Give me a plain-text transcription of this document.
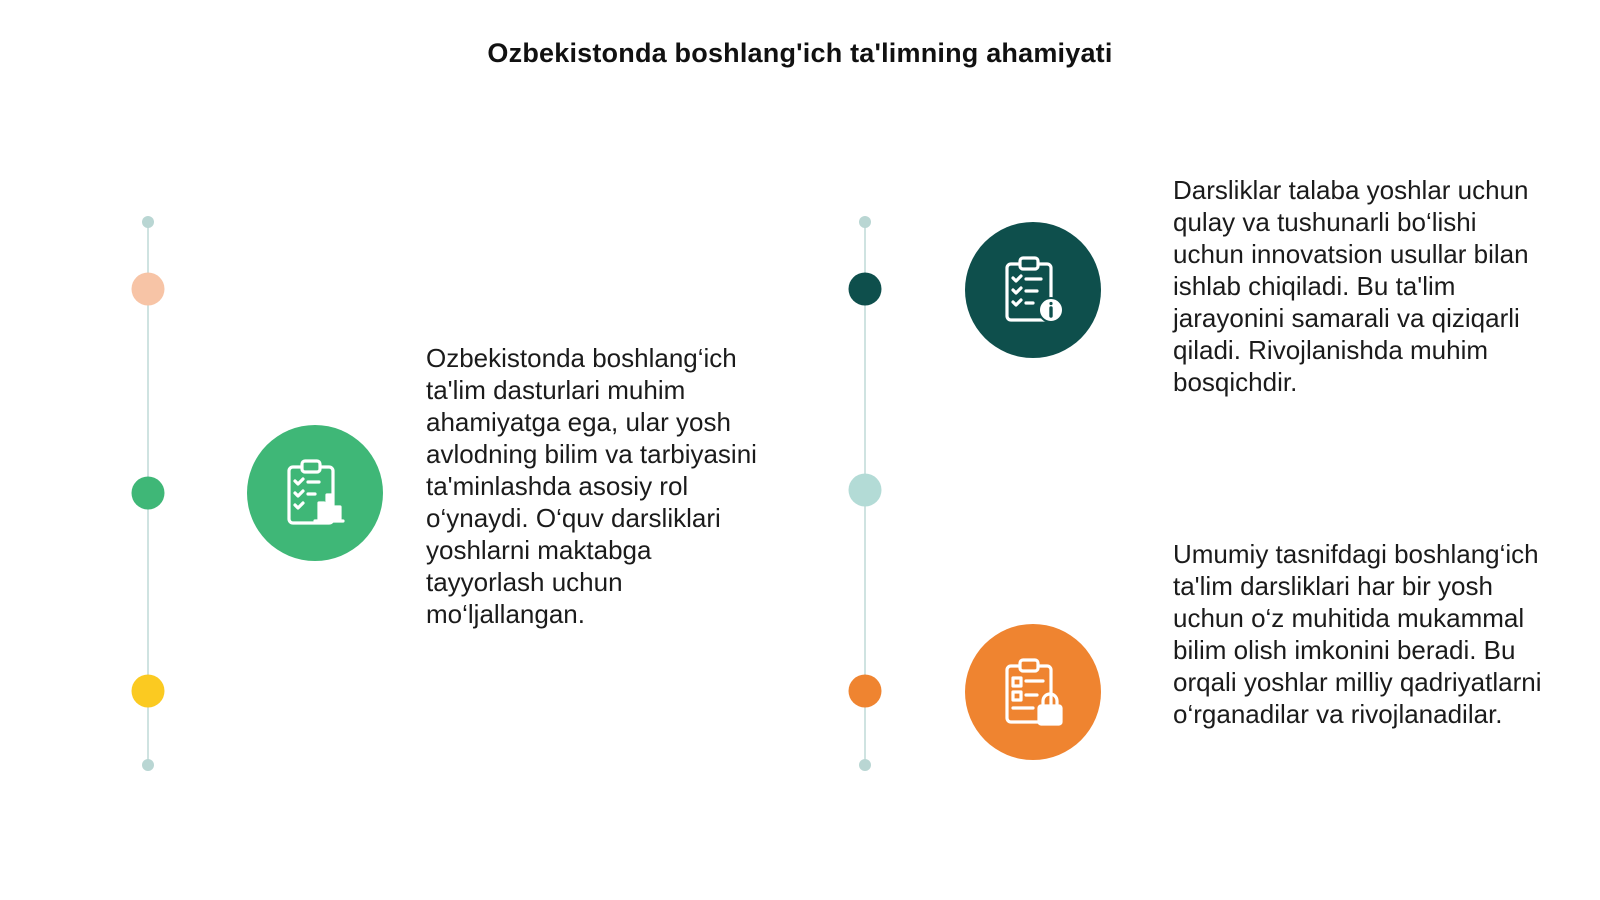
Ozbekistonda boshlang'ich ta'limning ahamiyati
Ozbekistonda boshlang‘ich ta'lim dasturlari muhim ahamiyatga ega, ular yosh avlodning bilim va tarbiyasini ta'minlashda asosiy rol o‘ynaydi. O‘quv darsliklari yoshlarni maktabga tayyorlash uchun mo‘ljallangan.
Darsliklar talaba yoshlar uchun qulay va tushunarli bo‘lishi uchun innovatsion usullar bilan ishlab chiqiladi. Bu ta'lim jarayonini samarali va qiziqarli qiladi. Rivojlanishda muhim bosqichdir.
Umumiy tasnifdagi boshlang‘ich ta'lim darsliklari har bir yosh uchun o‘z muhitida mukammal bilim olish imkonini beradi. Bu orqali yoshlar milliy qadriyatlarni o‘rganadilar va rivojlanadilar.
